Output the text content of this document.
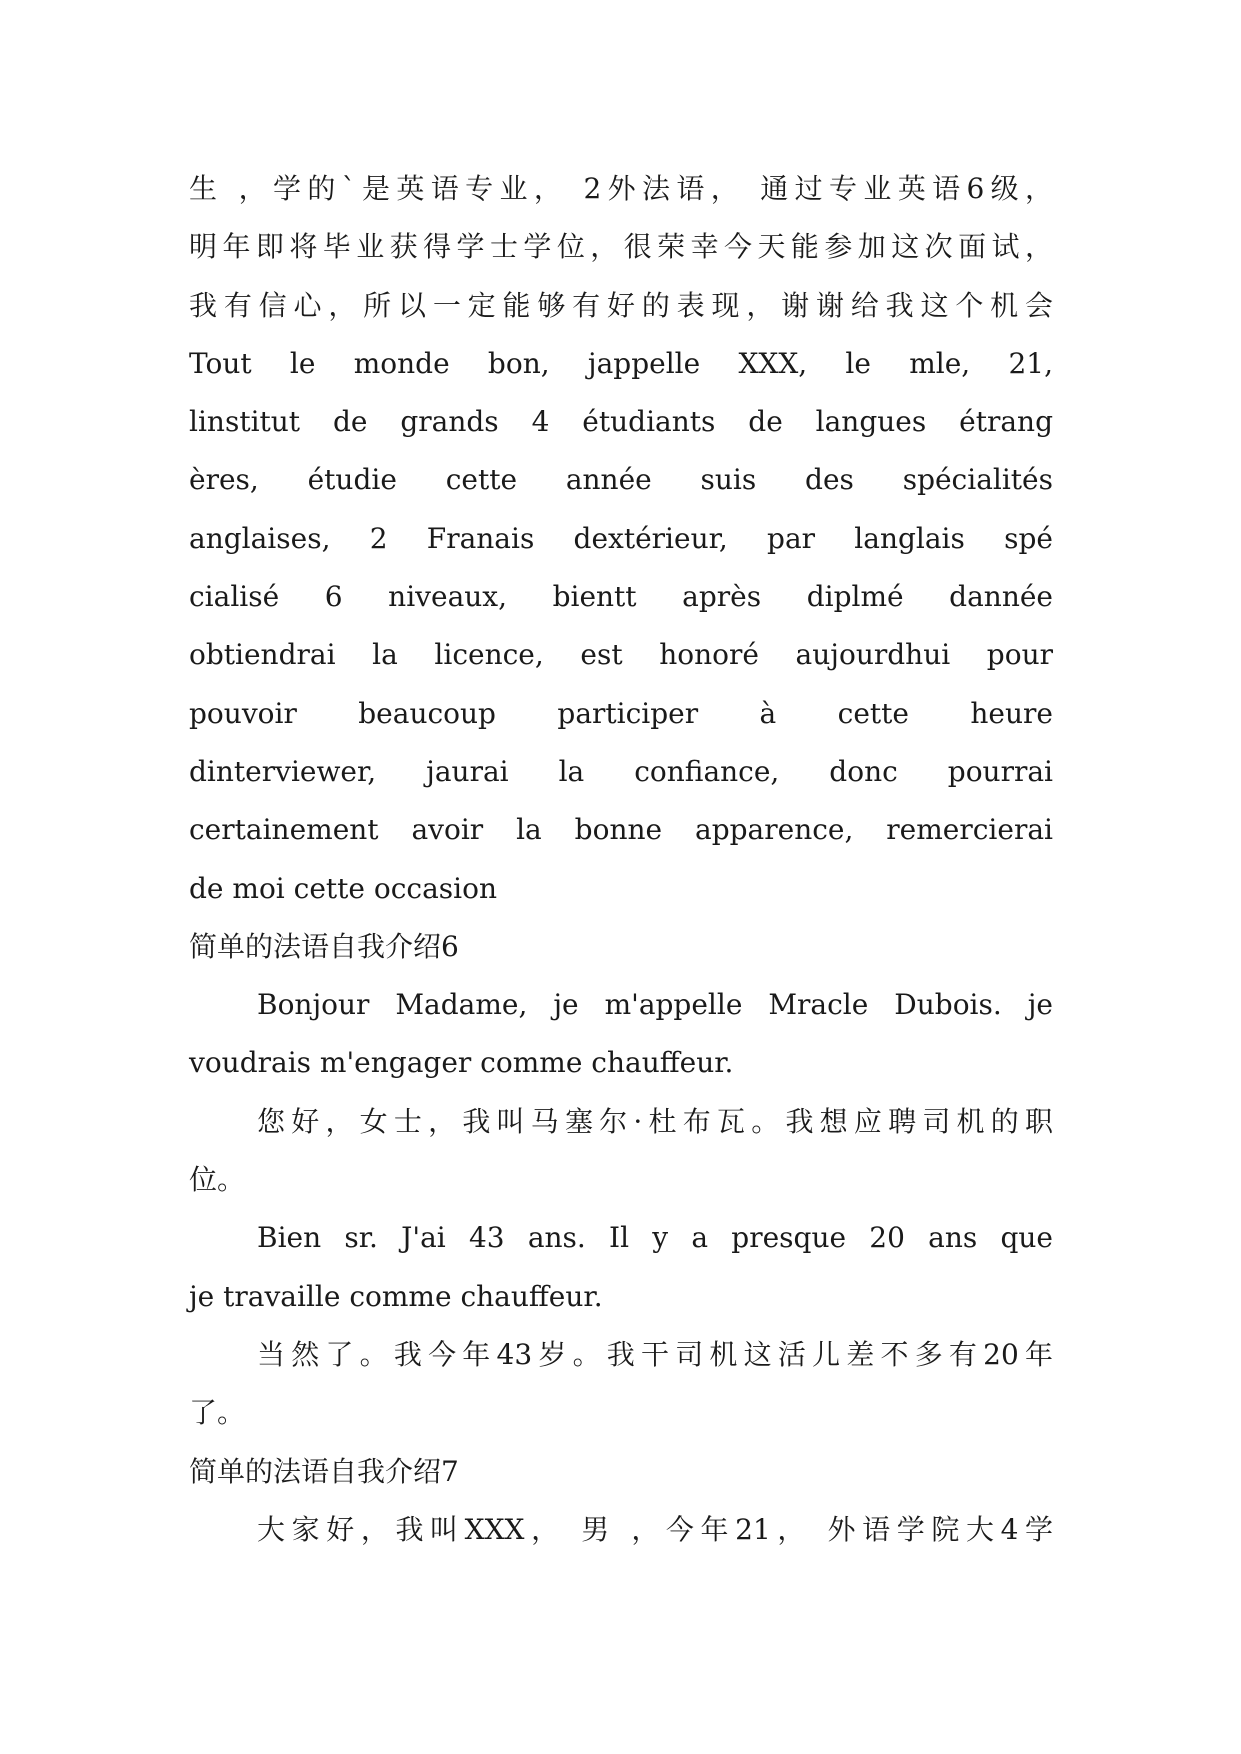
生 ，学的`是英语专业， 2外法语， 通过专业英语6级，
明年即将毕业获得学士学位，很荣幸今天能参加这次面试，
我有信心，所以一定能够有好的表现，谢谢给我这个机会
Tout le monde bon, jappelle XXX, le mle, 21,
linstitut de grands 4 étudiants de langues étrang
ères, étudie cette année suis des spécialités
anglaises, 2 Franais dextérieur, par langlais spé
cialisé 6 niveaux, bientt après diplmé dannée
obtiendrai la licence, est honoré aujourdhui pour
pouvoir beaucoup participer à cette heure
dinterviewer, jaurai la confiance, donc pourrai
certainement avoir la bonne apparence, remercierai
de moi cette occasion
简单的法语自我介绍6
Bonjour Madame, je m'appelle Mracle Dubois. je
voudrais m'engager comme chauffeur.
您好，女士，我叫马塞尔·杜布瓦。我想应聘司机的职
位。
Bien sr. J'ai 43 ans. Il y a presque 20 ans que
je travaille comme chauffeur.
当然了。我今年43岁。我干司机这活儿差不多有20年
了。
简单的法语自我介绍7
大家好，我叫XXX， 男 ，今年21， 外语学院大4学
